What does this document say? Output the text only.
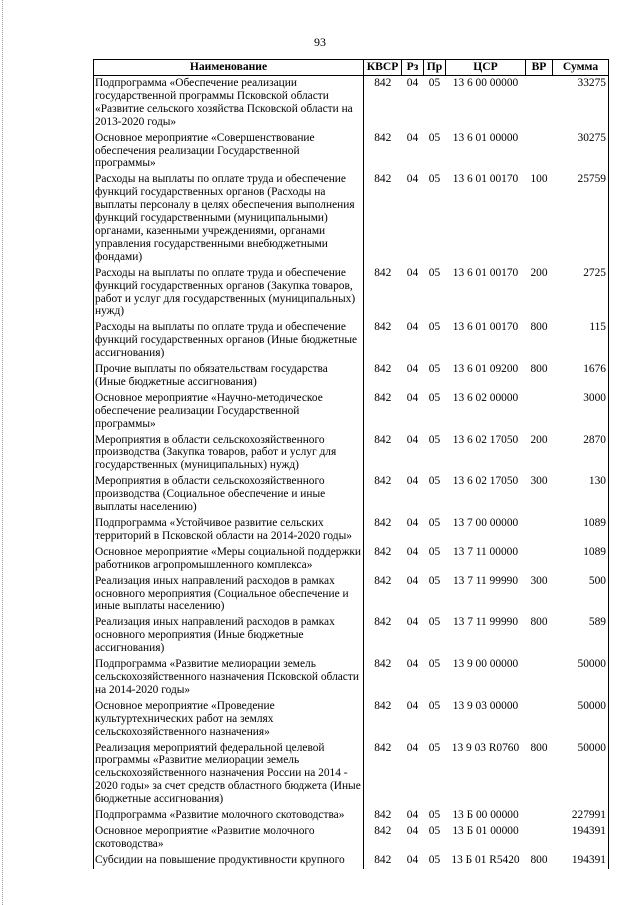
93
Наименование	КВСР	Рз	Пр	ЦСР	ВР	Сумма
Подпрограмма «Обеспечение реализации государственной программы Псковской области «Развитие сельского хозяйства Псковской области на 2013-2020 годы»	842	04	05	13 6 00 00000		33275
Основное мероприятие «Совершенствование обеспечения реализации Государственной программы»	842	04	05	13 6 01 00000		30275
Расходы на выплаты по оплате труда и обеспечение функций государственных органов (Расходы на выплаты персоналу в целях обеспечения выполнения функций государственными (муниципальными) органами, казенными учреждениями, органами управления государственными внебюджетными фондами)	842	04	05	13 6 01 00170	100	25759
Расходы на выплаты по оплате труда и обеспечение функций государственных органов (Закупка товаров, работ и услуг для государственных (муниципальных) нужд)	842	04	05	13 6 01 00170	200	2725
Расходы на выплаты по оплате труда и обеспечение функций государственных органов (Иные бюджетные ассигнования)	842	04	05	13 6 01 00170	800	115
Прочие выплаты по обязательствам государства (Иные бюджетные ассигнования)	842	04	05	13 6 01 09200	800	1676
Основное мероприятие «Научно-методическое обеспечение реализации Государственной программы»	842	04	05	13 6 02 00000		3000
Мероприятия в области сельскохозяйственного производства (Закупка товаров, работ и услуг для государственных (муниципальных) нужд)	842	04	05	13 6 02 17050	200	2870
Мероприятия в области сельскохозяйственного производства (Социальное обеспечение и иные выплаты населению)	842	04	05	13 6 02 17050	300	130
Подпрограмма «Устойчивое развитие сельских территорий в Псковской области на 2014-2020 годы»	842	04	05	13 7 00 00000		1089
Основное мероприятие «Меры социальной поддержки работников агропромышленного комплекса»	842	04	05	13 7 11 00000		1089
Реализация иных направлений расходов в рамках основного мероприятия (Социальное обеспечение и иные выплаты населению)	842	04	05	13 7 11 99990	300	500
Реализация иных направлений расходов в рамках основного мероприятия (Иные бюджетные ассигнования)	842	04	05	13 7 11 99990	800	589
Подпрограмма «Развитие мелиорации земель сельскохозяйственного назначения Псковской области на 2014-2020 годы»	842	04	05	13 9 00 00000		50000
Основное мероприятие «Проведение культуртехнических работ на землях сельскохозяйственного назначения»	842	04	05	13 9 03 00000		50000
Реализация мероприятий федеральной целевой программы «Развитие мелиорации земель сельскохозяйственного назначения России на 2014 - 2020 годы» за счет средств областного бюджета (Иные бюджетные ассигнования)	842	04	05	13 9 03 R0760	800	50000
Подпрограмма «Развитие молочного скотоводства»	842	04	05	13 Б 00 00000		227991
Основное мероприятие «Развитие молочного скотоводства»	842	04	05	13 Б 01 00000		194391
Субсидии на повышение продуктивности крупного	842	04	05	13 Б 01 R5420	800	194391
